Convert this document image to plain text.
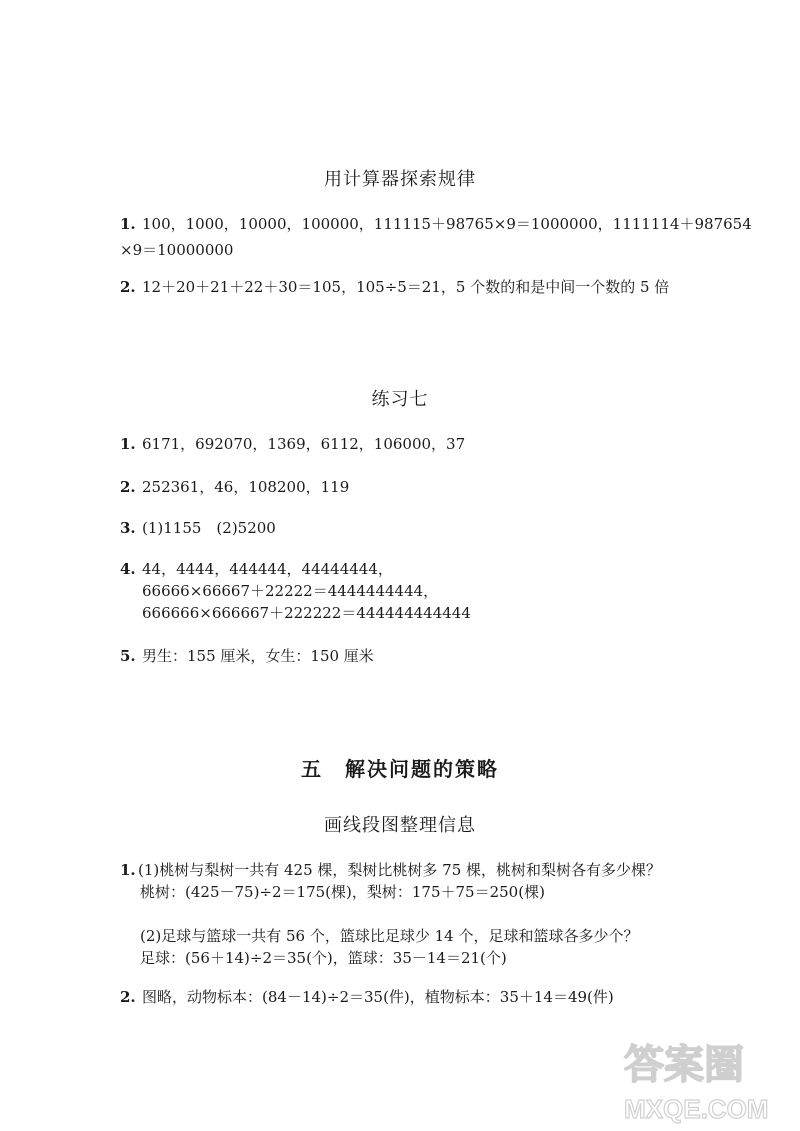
用计算器探索规律
1. 100，1000，10000，100000，111115＋98765×9＝1000000，1111114＋987654
×9＝10000000
2. 12＋20＋21＋22＋30＝105，105÷5＝21，5 个数的和是中间一个数的 5 倍
练习七
1. 6171，692070，1369，6112，106000，37
2. 252361，46，108200，119
3. (1)1155　(2)5200
4. 44，4444，444444，44444444，
66666×66667＋22222＝4444444444，
666666×666667＋222222＝444444444444
5. 男生：155 厘米，女生：150 厘米
五 解决问题的策略
画线段图整理信息
1. (1)桃树与梨树一共有 425 棵，梨树比桃树多 75 棵，桃树和梨树各有多少棵？
桃树：(425－75)÷2＝175(棵)，梨树：175＋75＝250(棵)
(2)足球与篮球一共有 56 个，篮球比足球少 14 个，足球和篮球各多少个？
足球：(56＋14)÷2＝35(个)，篮球：35－14＝21(个)
2. 图略，动物标本：(84－14)÷2＝35(件)，植物标本：35＋14＝49(件)
答案圈
MXQE.COM
